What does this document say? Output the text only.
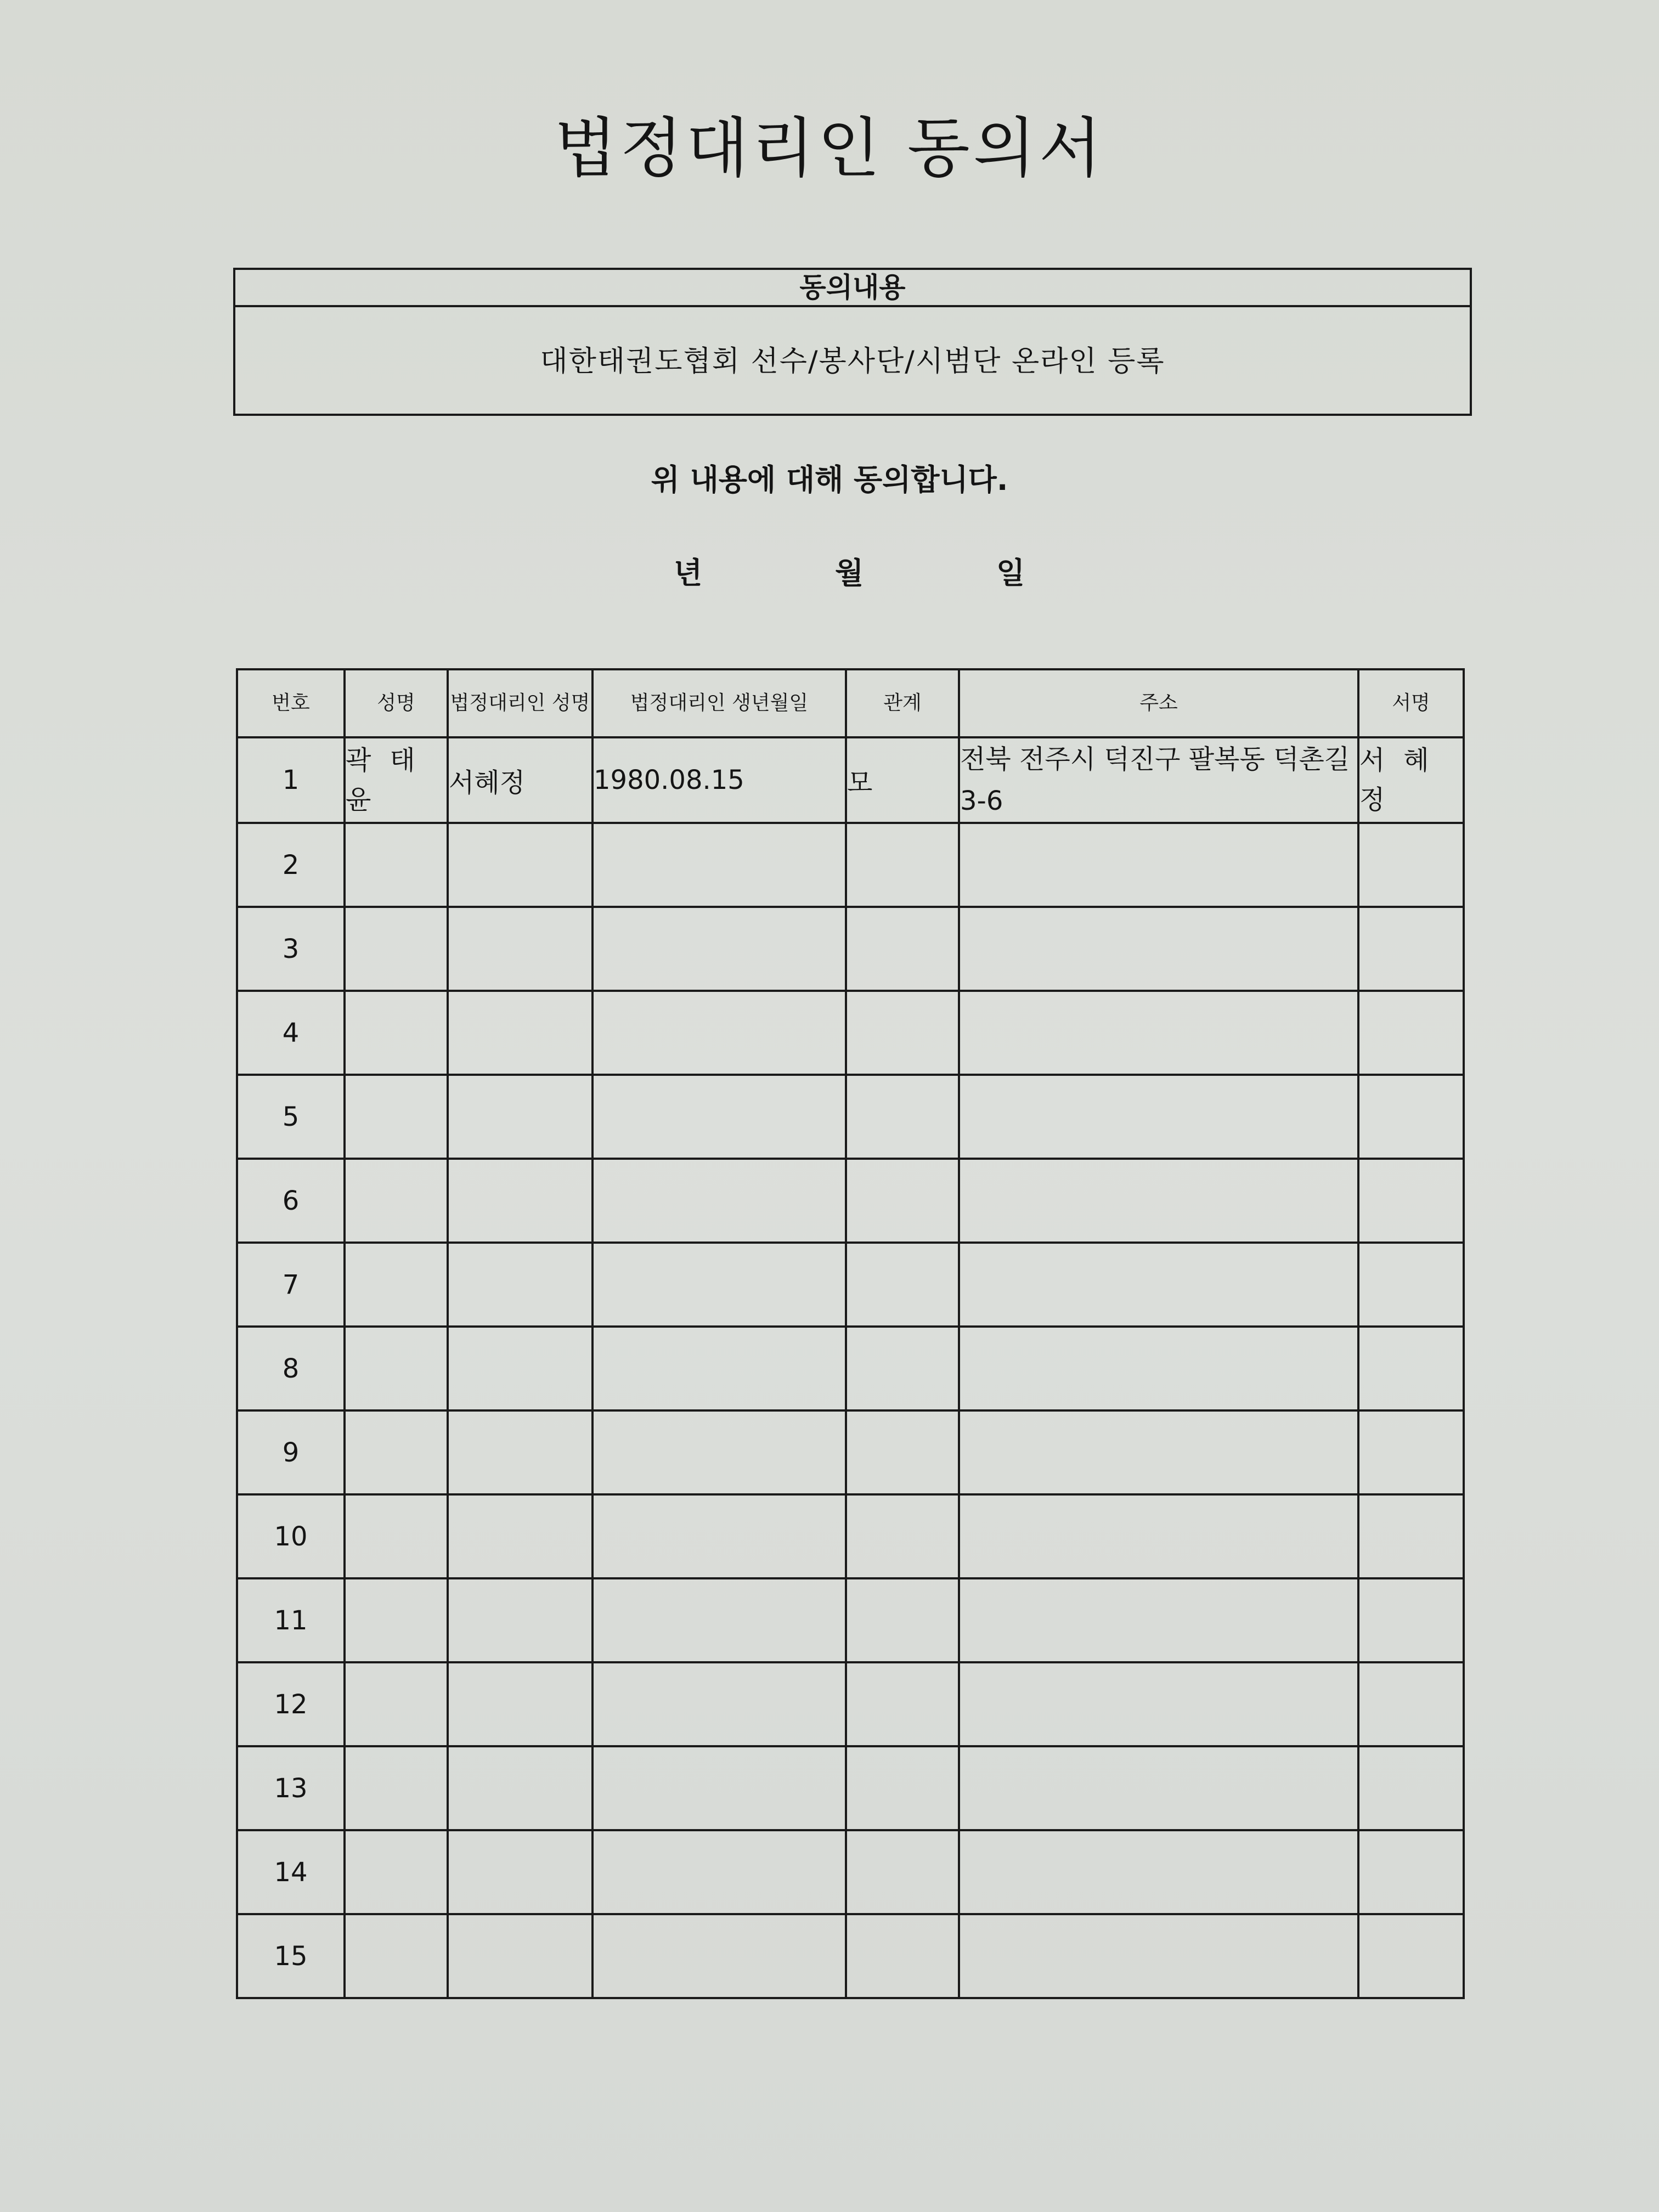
법정대리인 동의서
동의내용
대한태권도협회 선수/봉사단/시범단 온라인 등록
위 내용에 대해 동의합니다.
년	월	일
번호	성명	법정대리인 성명	법정대리인 생년월일	관계	주소	서명
1	곽태윤	서혜정	1980.08.15	모	전북 전주시 덕진구 팔복동 덕촌길 3-6	서혜정
2						
3						
4						
5						
6						
7						
8						
9						
10						
11						
12						
13						
14						
15						
